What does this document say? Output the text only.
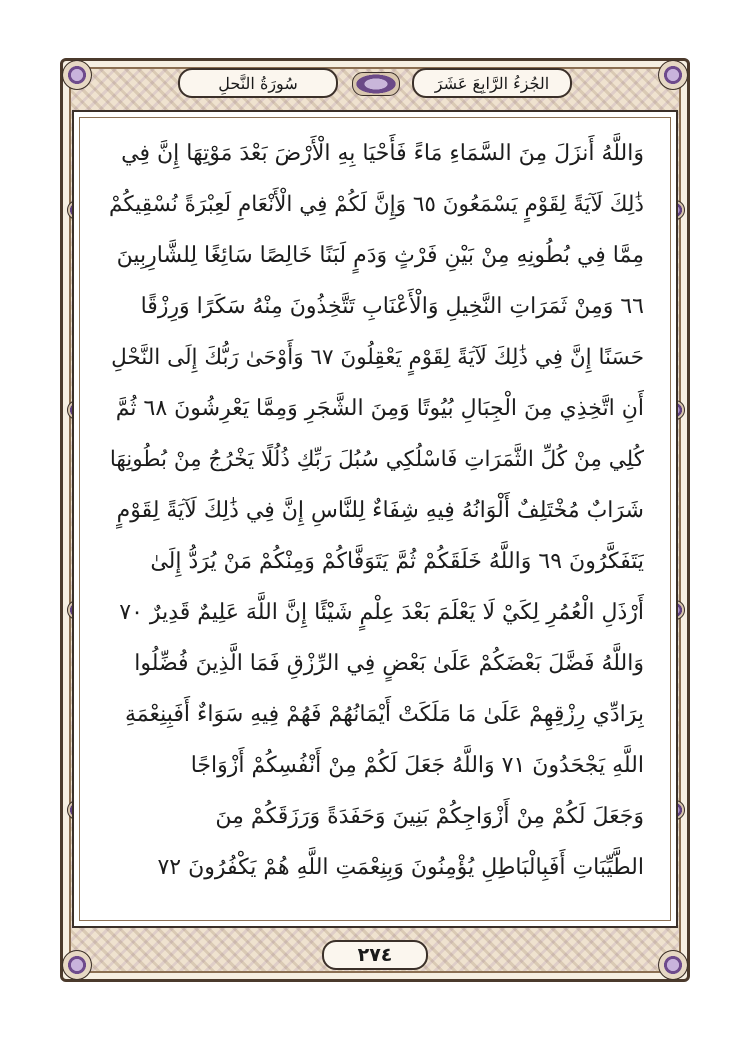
سُورَةُ النَّحلِ	الجُزءُ الرَّابِعَ عَشَرَ
وَاللَّهُ أَنزَلَ مِنَ السَّمَاءِ مَاءً فَأَحْيَا بِهِ الْأَرْضَ بَعْدَ مَوْتِهَا إِنَّ فِي
ذَٰلِكَ لَآيَةً لِقَوْمٍ يَسْمَعُونَ ٦٥ وَإِنَّ لَكُمْ فِي الْأَنْعَامِ لَعِبْرَةً نُسْقِيكُمْ
مِمَّا فِي بُطُونِهِ مِنْ بَيْنِ فَرْثٍ وَدَمٍ لَبَنًا خَالِصًا سَائِغًا لِلشَّارِبِينَ
٦٦ وَمِنْ ثَمَرَاتِ النَّخِيلِ وَالْأَعْنَابِ تَتَّخِذُونَ مِنْهُ سَكَرًا وَرِزْقًا
حَسَنًا إِنَّ فِي ذَٰلِكَ لَآيَةً لِقَوْمٍ يَعْقِلُونَ ٦٧ وَأَوْحَىٰ رَبُّكَ إِلَى النَّحْلِ
أَنِ اتَّخِذِي مِنَ الْجِبَالِ بُيُوتًا وَمِنَ الشَّجَرِ وَمِمَّا يَعْرِشُونَ ٦٨ ثُمَّ
كُلِي مِنْ كُلِّ الثَّمَرَاتِ فَاسْلُكِي سُبُلَ رَبِّكِ ذُلُلًا يَخْرُجُ مِنْ بُطُونِهَا
شَرَابٌ مُخْتَلِفٌ أَلْوَانُهُ فِيهِ شِفَاءٌ لِلنَّاسِ إِنَّ فِي ذَٰلِكَ لَآيَةً لِقَوْمٍ
يَتَفَكَّرُونَ ٦٩ وَاللَّهُ خَلَقَكُمْ ثُمَّ يَتَوَفَّاكُمْ وَمِنْكُمْ مَنْ يُرَدُّ إِلَىٰ
أَرْذَلِ الْعُمُرِ لِكَيْ لَا يَعْلَمَ بَعْدَ عِلْمٍ شَيْئًا إِنَّ اللَّهَ عَلِيمٌ قَدِيرٌ ٧٠
وَاللَّهُ فَضَّلَ بَعْضَكُمْ عَلَىٰ بَعْضٍ فِي الرِّزْقِ فَمَا الَّذِينَ فُضِّلُوا
بِرَادِّي رِزْقِهِمْ عَلَىٰ مَا مَلَكَتْ أَيْمَانُهُمْ فَهُمْ فِيهِ سَوَاءٌ أَفَبِنِعْمَةِ
اللَّهِ يَجْحَدُونَ ٧١ وَاللَّهُ جَعَلَ لَكُمْ مِنْ أَنْفُسِكُمْ أَزْوَاجًا
وَجَعَلَ لَكُمْ مِنْ أَزْوَاجِكُمْ بَنِينَ وَحَفَدَةً وَرَزَقَكُمْ مِنَ
الطَّيِّبَاتِ أَفَبِالْبَاطِلِ يُؤْمِنُونَ وَبِنِعْمَتِ اللَّهِ هُمْ يَكْفُرُونَ ٧٢
٢٧٤
